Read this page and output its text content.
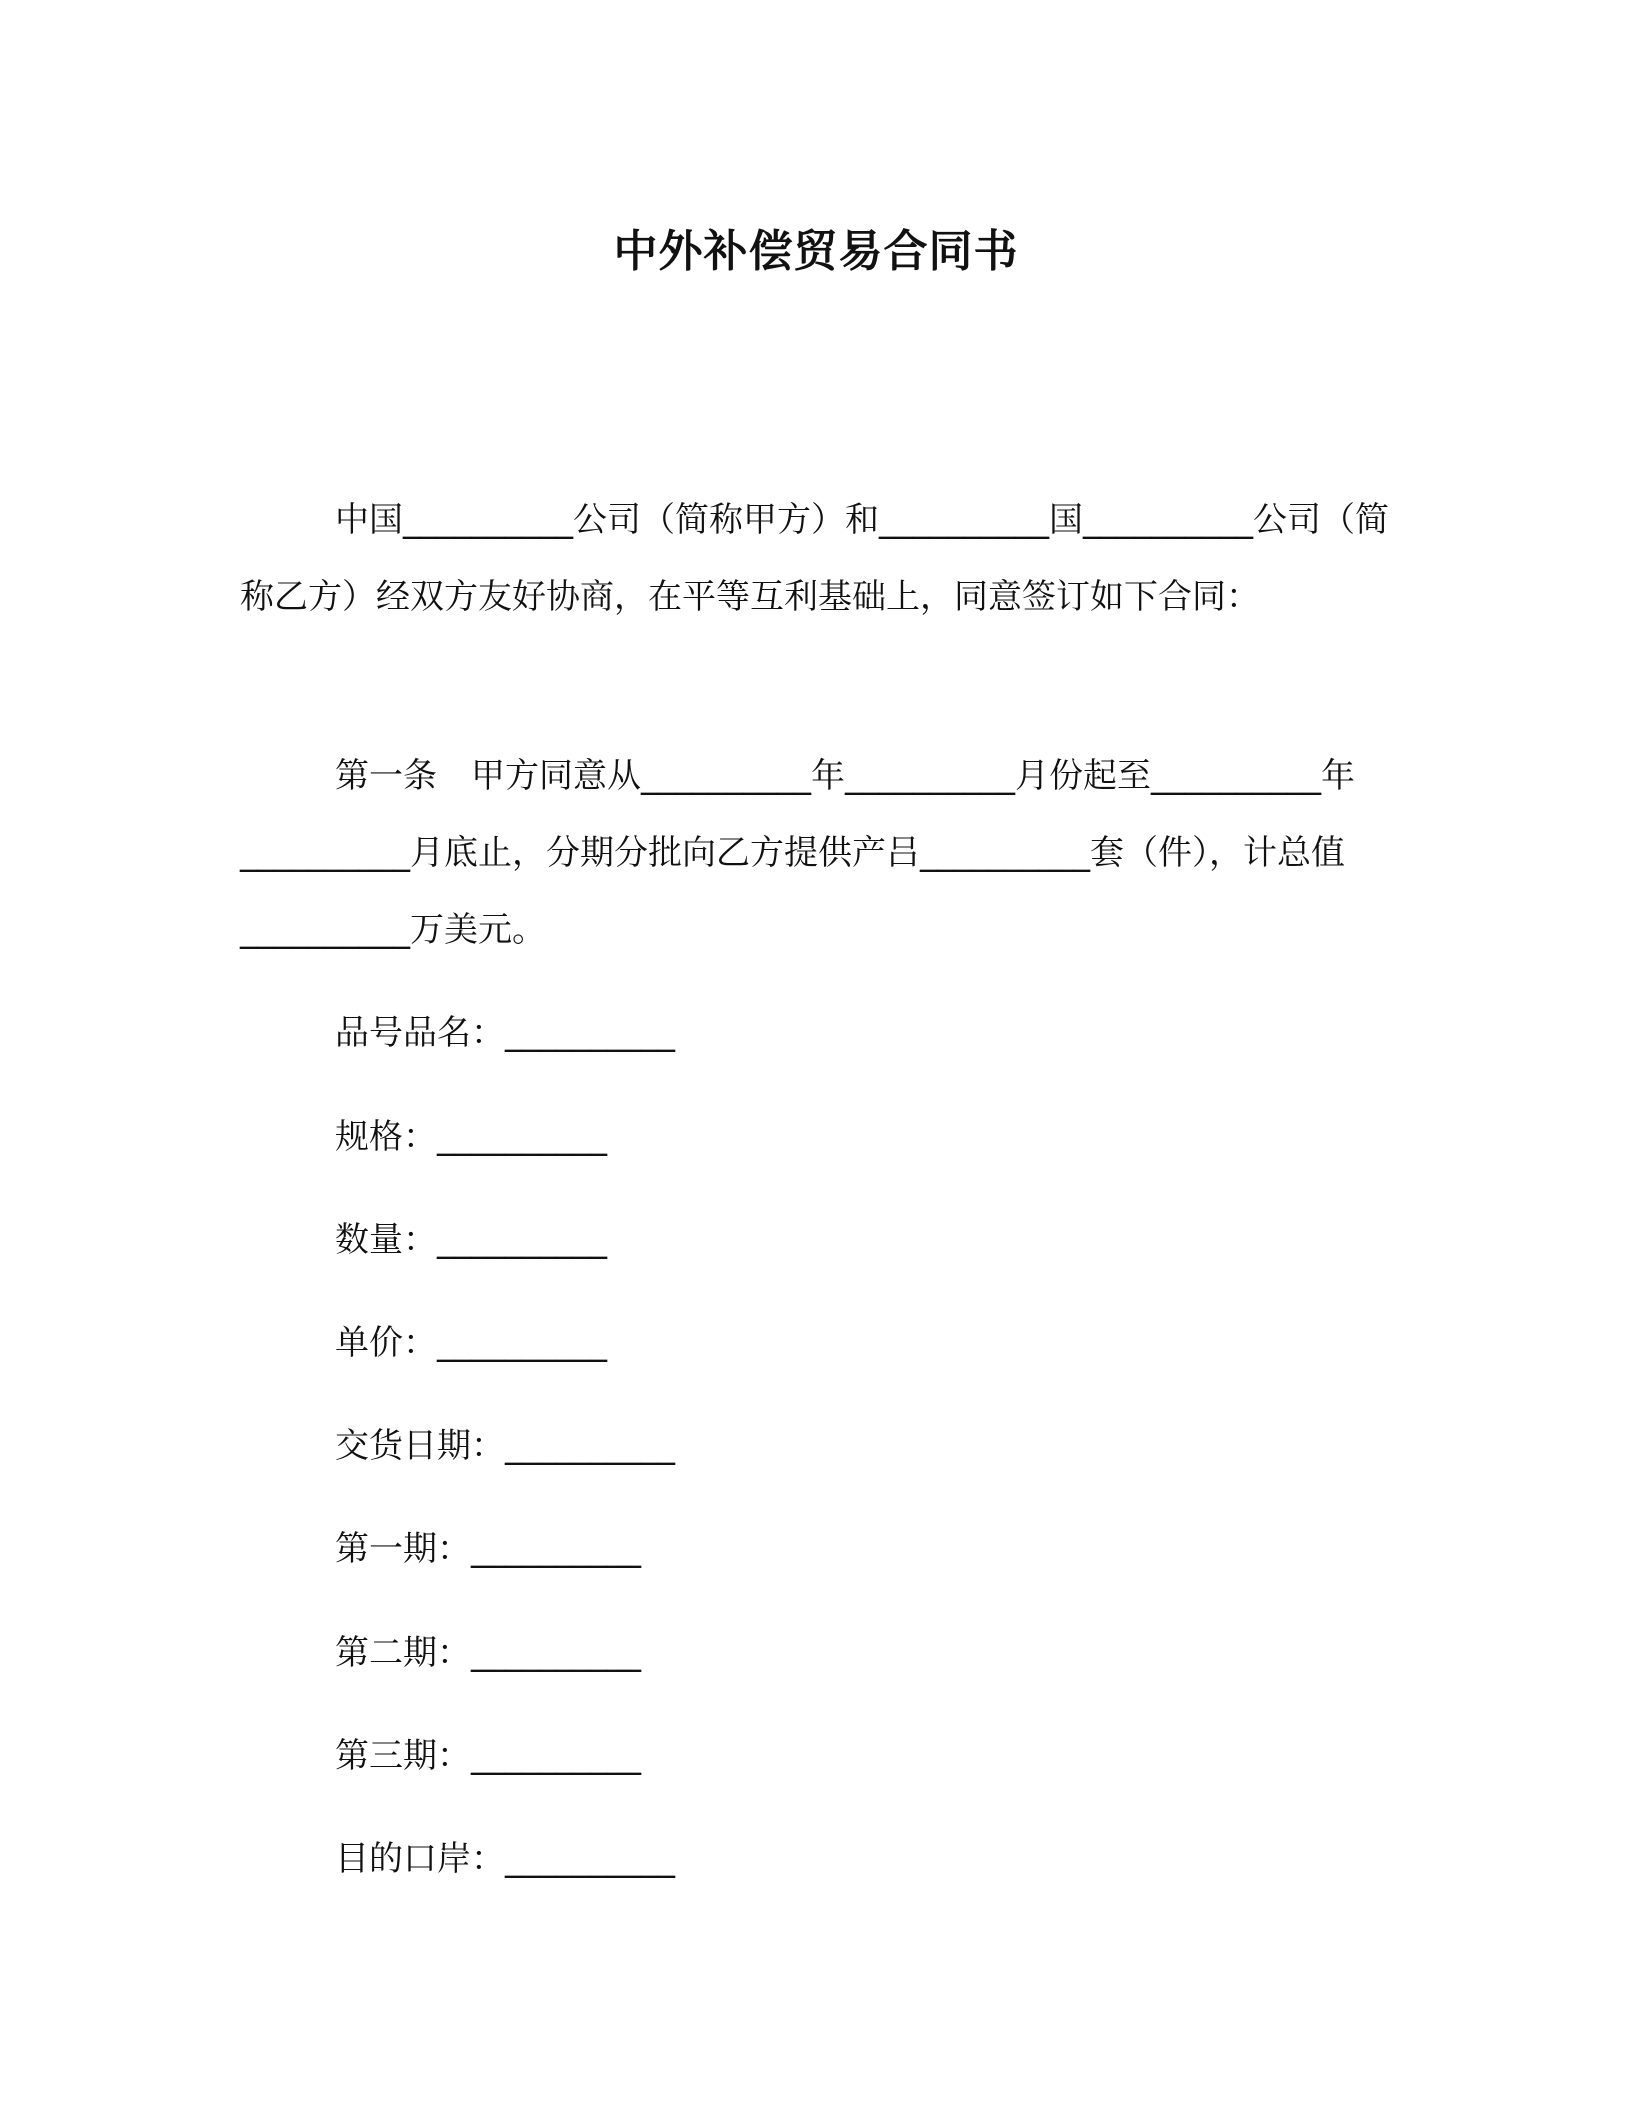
中外补偿贸易合同书

中国__________公司（简称甲方）和__________国__________公司（简称乙方）经双方友好协商，在平等互利基础上，同意签订如下合同：

第一条　甲方同意从__________年__________月份起至__________年__________月底止，分期分批向乙方提供产吕__________套（件），计总值__________万美元。

品号品名：__________
规格：__________
数量：__________
单价：__________
交货日期：__________
第一期：__________
第二期：__________
第三期：__________
目的口岸：__________
